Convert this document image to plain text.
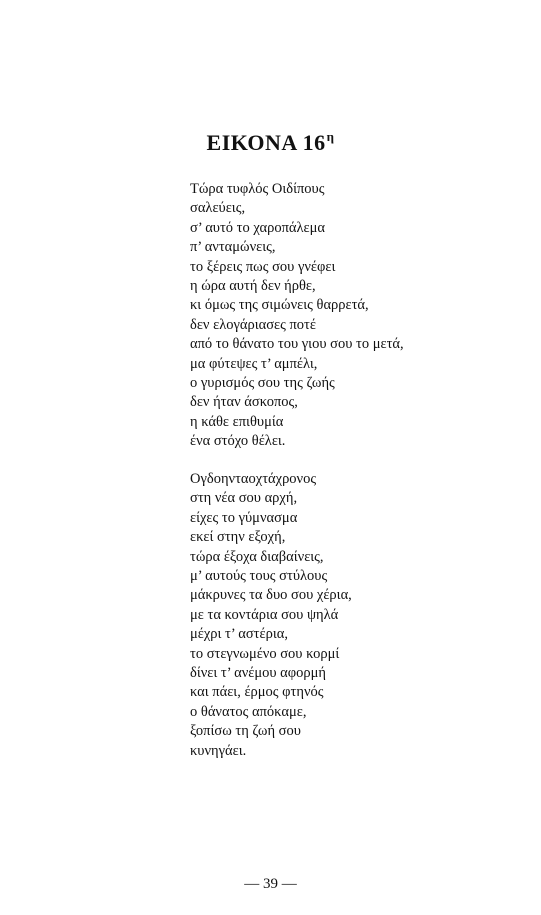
ΕΙΚΟΝΑ $16^\eta$
Τώρα τυφλός Οιδίπους
σαλεύεις,
σ’ αυτό το χαροπάλεμα
π’ ανταμώνεις,
το ξέρεις πως σου γνέφει
η ώρα αυτή δεν ήρθε,
κι όμως της σιμώνεις θαρρετά,
δεν ελογάριασες ποτέ
από το θάνατο του γιου σου το μετά,
μα φύτεψες τ’ αμπέλι,
ο γυρισμός σου της ζωής
δεν ήταν άσκοπος,
η κάθε επιθυμία
ένα στόχο θέλει.
Ογδοηνταοχτάχρονος
στη νέα σου αρχή,
είχες το γύμνασμα
εκεί στην εξοχή,
τώρα έξοχα διαβαίνεις,
μ’ αυτούς τους στύλους
μάκρυνες τα δυο σου χέρια,
με τα κοντάρια σου ψηλά
μέχρι τ’ αστέρια,
το στεγνωμένο σου κορμί
δίνει τ’ ανέμου αφορμή
και πάει, έρμος φτηνός
ο θάνατος απόκαμε,
ξοπίσω τη ζωή σου
κυνηγάει.
— 39 —
